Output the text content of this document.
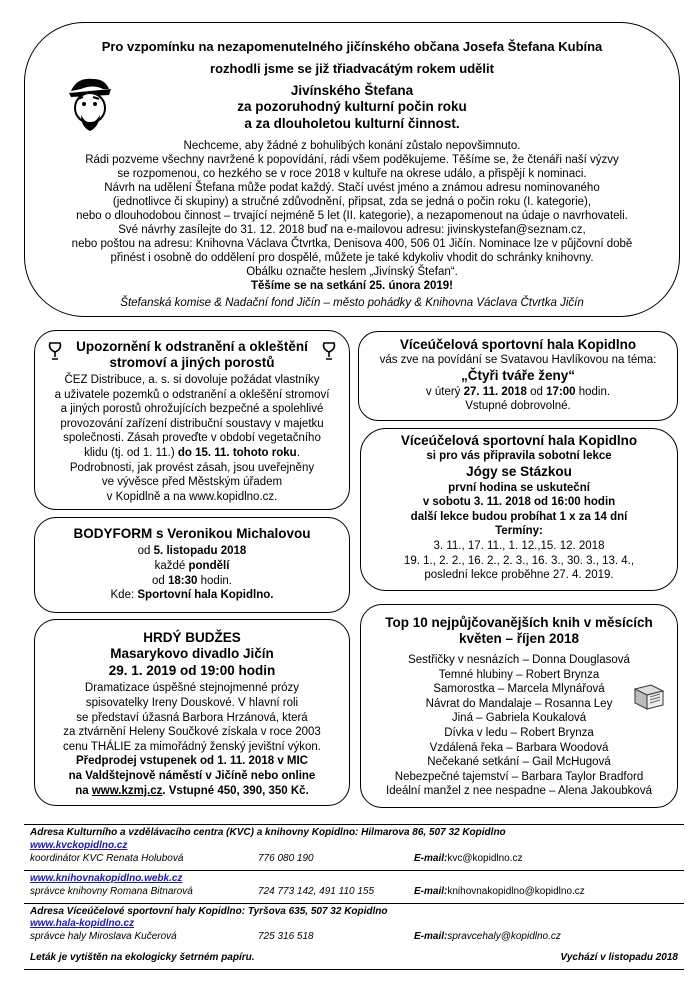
Pro vzpomínku na nezapomenutelného jičínského občana Josefa Štefana Kubína
rozhodli jsme se již třiadvacátým rokem udělit
Jivínského Štefana
za pozoruhodný kulturní počin roku
a za dlouholetou kulturní činnost.
Nechceme, aby žádné z bohulibých konání zůstalo nepovšimnuto.
Rádi pozveme všechny navržené k popovídání, rádi všem poděkujeme. Těšíme se, že čtenáři naší výzvy
se rozpomenou, co hezkého se v roce 2018 v kultuře na okrese událo, a přispějí k nominaci.
Návrh na udělení Štefana může podat každý. Stačí uvést jméno a známou adresu nominovaného
(jednotlivce či skupiny) a stručné zdůvodnění, připsat, zda se jedná o počin roku (I. kategorie),
nebo o dlouhodobou činnost – trvající nejméně 5 let (II. kategorie), a nezapomenout na údaje o navrhovateli.
Své návrhy zasílejte do 31. 12. 2018 buď na e-mailovou adresu: jivinskystefan@seznam.cz,
nebo poštou na adresu: Knihovna Václava Čtvrtka, Denisova 400, 506 01 Jičín. Nominace lze v půjčovní době
přinést i osobně do oddělení pro dospělé, můžete je také kdykoliv vhodit do schránky knihovny.
Obálku označte heslem „Jivínský Štefan“.
Těšíme se na setkání 25. února 2019!
Štefanská komise & Nadační fond Jičín – město pohádky & Knihovna Václava Čtvrtka Jičín
Upozornění k odstranění a okleštění
stromoví a jiných porostů
ČEZ Distribuce, a. s. si dovoluje požádat vlastníky
a uživatele pozemků o odstranění a oklešění stromoví
a jiných porostů ohrožujících bezpečné a spolehlivé
provozování zařízení distribuční soustavy v majetku
společnosti. Zásah proveďte v období vegetačního
klidu (tj. od 1. 11.) do 15. 11. tohoto roku.
Podrobnosti, jak provést zásah, jsou uveřejněny
ve vývěsce před Městským úřadem
v Kopidlně a na www.kopidlno.cz.
BODYFORM s Veronikou Michalovou
od 5. listopadu 2018
každé pondělí
od 18:30 hodin.
Kde: Sportovní hala Kopidlno.
HRDÝ BUDŽES
Masarykovo divadlo Jičín
29. 1. 2019 od 19:00 hodin
Dramatizace úspěšné stejnojmenné prózy
spisovatelky Ireny Douskové. V hlavní roli
se představí úžasná Barbora Hrzánová, která
za ztvárnění Heleny Součkové získala v roce 2003
cenu THÁLIE za mimořádný ženský jevištní výkon.
Předprodej vstupenek od 1. 11. 2018 v MIC
na Valdštejnově náměstí v Jičíně nebo online
na www.kzmj.cz. Vstupné 450, 390, 350 Kč.
Víceúčelová sportovní hala Kopidlno
vás zve na povídání se Svatavou Havlíkovou na téma:
„Čtyři tváře ženy“
v úterý 27. 11. 2018 od 17:00 hodin.
Vstupné dobrovolné.
Víceúčelová sportovní hala Kopidlno
si pro vás připravila sobotní lekce
Jógy se Stázkou
první hodina se uskuteční
v sobotu 3. 11. 2018 od 16:00 hodin
další lekce budou probíhat 1 x za 14 dní
Termíny:
3. 11., 17. 11., 1. 12.,15. 12. 2018
19. 1., 2. 2., 16. 2., 2. 3., 16. 3., 30. 3., 13. 4.,
poslední lekce proběhne 27. 4. 2019.
Top 10 nejpůjčovanějších knih v měsících
květen – říjen 2018
Sestřičky v nesnázích – Donna Douglasová
Temné hlubiny – Robert Brynza
Samorostka – Marcela Mlynářová
Návrat do Mandalaje – Rosanna Ley
Jiná – Gabriela Koukalová
Dívka v ledu – Robert Brynza
Vzdálená řeka – Barbara Woodová
Nečekané setkání – Gail McHugová
Nebezpečné tajemství – Barbara Taylor Bradford
Ideální manžel z nee nespadne – Alena Jakoubková
Adresa Kulturního a vzdělávacího centra (KVC) a knihovny Kopidlno: Hilmarova 86, 507 32 Kopidlno
www.kvckopidlno.cz
koordinátor KVC Renata Holubová	776 080 190	E-mail: kvc@kopidlno.cz
www.knihovnakopidlno.webk.cz
správce knihovny Romana Bitnarová	724 773 142, 491 110 155	E-mail: knihovnakopidlno@kopidlno.cz
Adresa Víceúčelové sportovní haly Kopidlno: Tyršova 635, 507 32 Kopidlno
www.hala-kopidlno.cz
správce haly Miroslava Kučerová	725 316 518	E-mail: spravcehaly@kopidlno.cz
Leták je vytištěn na ekologicky šetrném papíru.	Vychází v listopadu 2018
